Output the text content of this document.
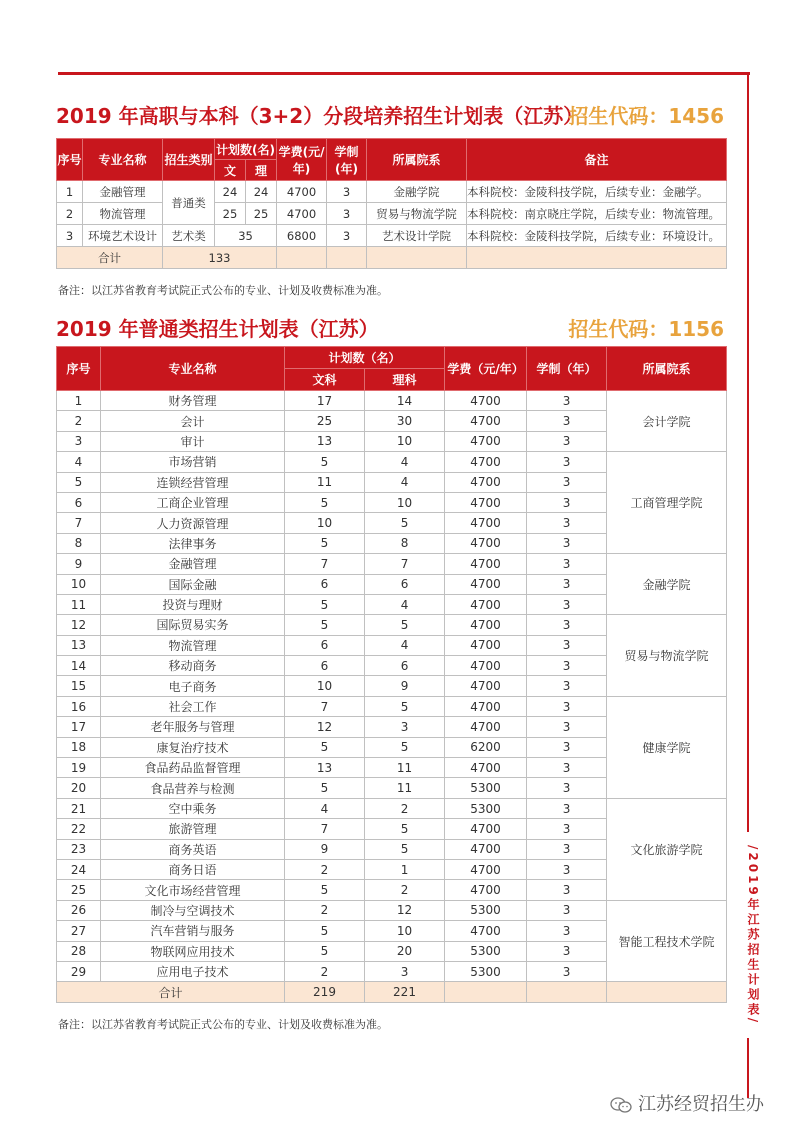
/2019年江苏招生计划表/
2019 年高职与本科（3+2）分段培养招生计划表（江苏）
招生代码：1456
序号	专业名称	招生类别	计划数(名)		学费(元/年)	学制(年)	所属院系	备注
			文	理				
1	金融管理	普通类	24	24	4700	3	金融学院	本科院校：金陵科技学院，后续专业：金融学。
2	物流管理		25	25	4700	3	贸易与物流学院	本科院校：南京晓庄学院，后续专业：物流管理。
3	环境艺术设计	艺术类	35		6800	3	艺术设计学院	本科院校：金陵科技学院，后续专业：环境设计。
合计		133						
备注：以江苏省教育考试院正式公布的专业、计划及收费标准为准。
2019 年普通类招生计划表（江苏）	招生代码：1156
序号	专业名称	计划数（名）		学费（元/年）	学制（年）	所属院系
		文科	理科			
1	财务管理	17	14	4700	3	会计学院
2	会计	25	30	4700	3	
3	审计	13	10	4700	3	
4	市场营销	5	4	4700	3	工商管理学院
5	连锁经营管理	11	4	4700	3	
6	工商企业管理	5	10	4700	3	
7	人力资源管理	10	5	4700	3	
8	法律事务	5	8	4700	3	
9	金融管理	7	7	4700	3	金融学院
10	国际金融	6	6	4700	3	
11	投资与理财	5	4	4700	3	
12	国际贸易实务	5	5	4700	3	贸易与物流学院
13	物流管理	6	4	4700	3	
14	移动商务	6	6	4700	3	
15	电子商务	10	9	4700	3	
16	社会工作	7	5	4700	3	健康学院
17	老年服务与管理	12	3	4700	3	
18	康复治疗技术	5	5	6200	3	
19	食品药品监督管理	13	11	4700	3	
20	食品营养与检测	5	11	5300	3	
21	空中乘务	4	2	5300	3	文化旅游学院
22	旅游管理	7	5	4700	3	
23	商务英语	9	5	4700	3	
24	商务日语	2	1	4700	3	
25	文化市场经营管理	5	2	4700	3	
26	制冷与空调技术	2	12	5300	3	智能工程技术学院
27	汽车营销与服务	5	10	4700	3	
28	物联网应用技术	5	20	5300	3	
29	应用电子技术	2	3	5300	3	
合计		219	221			
备注：以江苏省教育考试院正式公布的专业、计划及收费标准为准。
江苏经贸招生办
